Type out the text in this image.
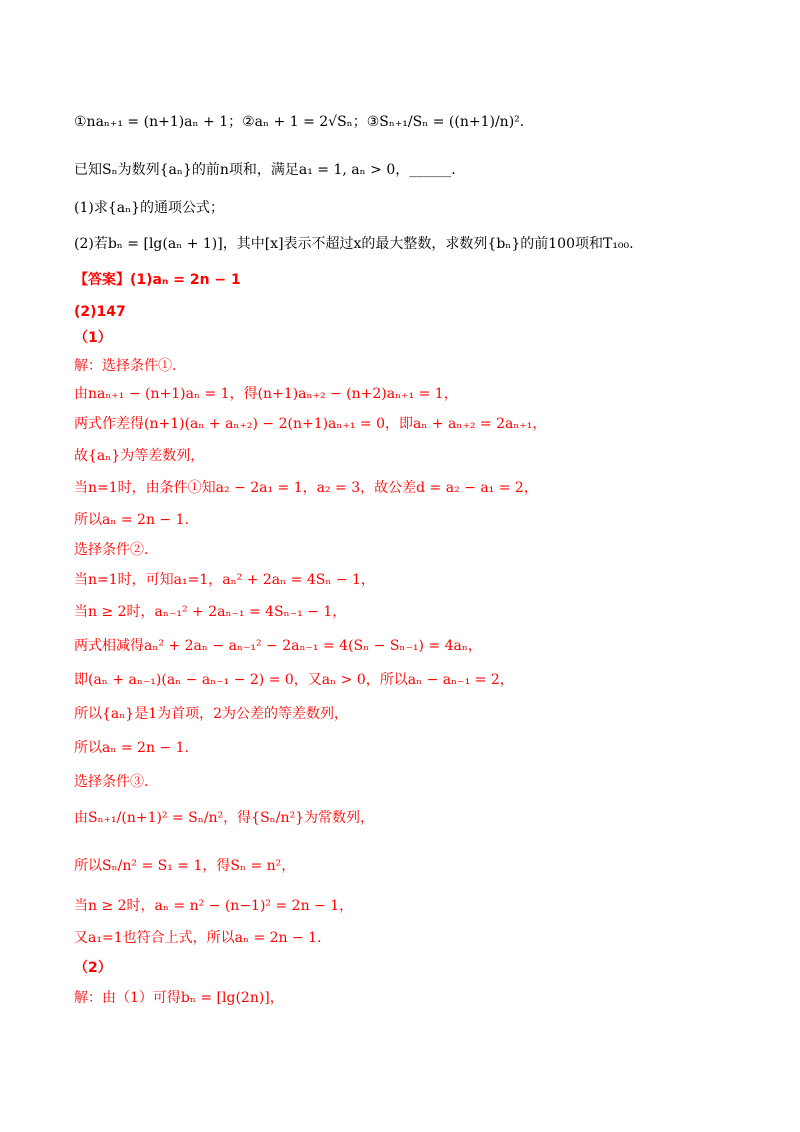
①naₙ₊₁ = (n+1)aₙ + 1；②aₙ + 1 = 2√Sₙ；③Sₙ₊₁/Sₙ = ((n+1)/n)².
已知Sₙ为数列{aₙ}的前n项和，满足a₁ = 1, aₙ > 0，______.
(1)求{aₙ}的通项公式；
(2)若bₙ = [lg(aₙ + 1)]，其中[x]表示不超过x的最大整数，求数列{bₙ}的前100项和T₁₀₀.
【答案】(1)aₙ = 2n − 1
(2)147
（1）
解：选择条件①.
由naₙ₊₁ − (n+1)aₙ = 1，得(n+1)aₙ₊₂ − (n+2)aₙ₊₁ = 1，
两式作差得(n+1)(aₙ + aₙ₊₂) − 2(n+1)aₙ₊₁ = 0，即aₙ + aₙ₊₂ = 2aₙ₊₁，
故{aₙ}为等差数列，
当n=1时，由条件①知a₂ − 2a₁ = 1，a₂ = 3，故公差d = a₂ − a₁ = 2，
所以aₙ = 2n − 1.
选择条件②.
当n=1时，可知a₁=1，aₙ² + 2aₙ = 4Sₙ − 1，
当n ≥ 2时，aₙ₋₁² + 2aₙ₋₁ = 4Sₙ₋₁ − 1，
两式相减得aₙ² + 2aₙ − aₙ₋₁² − 2aₙ₋₁ = 4(Sₙ − Sₙ₋₁) = 4aₙ，
即(aₙ + aₙ₋₁)(aₙ − aₙ₋₁ − 2) = 0，又aₙ > 0，所以aₙ − aₙ₋₁ = 2，
所以{aₙ}是1为首项，2为公差的等差数列，
所以aₙ = 2n − 1.
选择条件③.
由Sₙ₊₁/(n+1)² = Sₙ/n²，得{Sₙ/n²}为常数列，
所以Sₙ/n² = S₁ = 1，得Sₙ = n²，
当n ≥ 2时，aₙ = n² − (n−1)² = 2n − 1，
又a₁=1也符合上式，所以aₙ = 2n − 1.
（2）
解：由（1）可得bₙ = [lg(2n)]，
